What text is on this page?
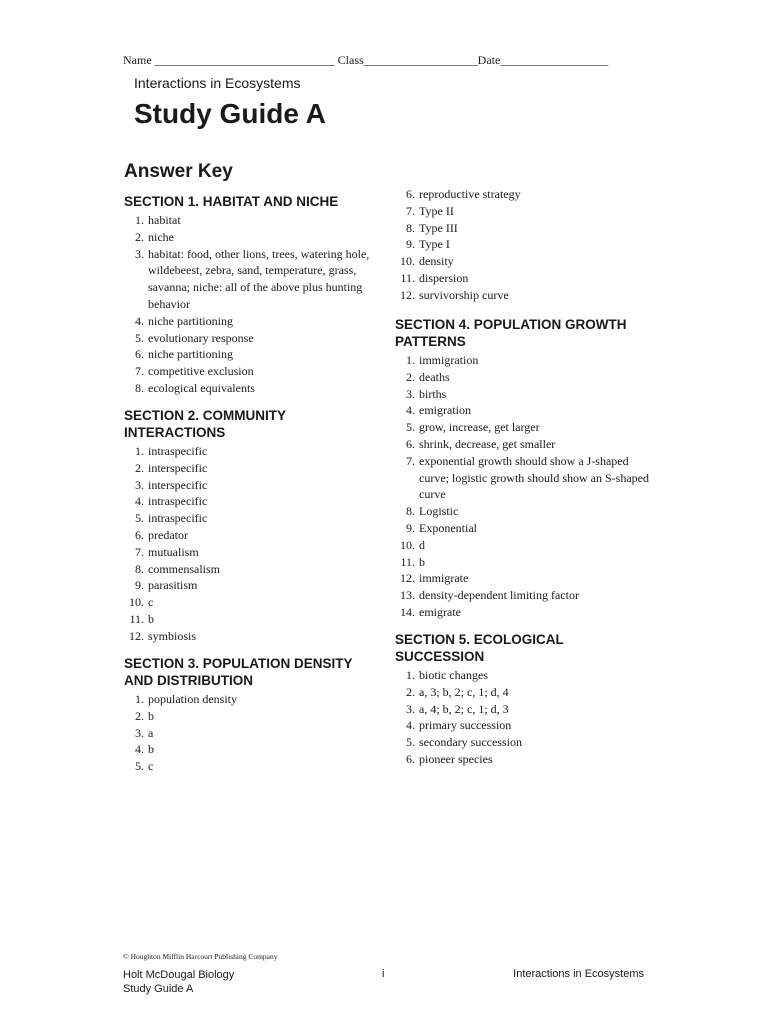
Name ______________________________ Class___________________Date__________________
Interactions in Ecosystems
Study Guide A
Answer Key
SECTION 1. HABITAT AND NICHE
1. habitat
2. niche
3. habitat: food, other lions, trees, watering hole, wildebeest, zebra, sand, temperature, grass, savanna; niche: all of the above plus hunting behavior
4. niche partitioning
5. evolutionary response
6. niche partitioning
7. competitive exclusion
8. ecological equivalents
SECTION 2. COMMUNITY
INTERACTIONS
1. intraspecific
2. interspecific
3. interspecific
4. intraspecific
5. intraspecific
6. predator
7. mutualism
8. commensalism
9. parasitism
10. c
11. b
12. symbiosis
SECTION 3. POPULATION DENSITY
AND DISTRIBUTION
1. population density
2. b
3. a
4. b
5. c
6. reproductive strategy
7. Type II
8. Type III
9. Type I
10. density
11. dispersion
12. survivorship curve
SECTION 4. POPULATION GROWTH
PATTERNS
1. immigration
2. deaths
3. births
4. emigration
5. grow, increase, get larger
6. shrink, decrease, get smaller
7. exponential growth should show a J-shaped curve; logistic growth should show an S-shaped curve
8. Logistic
9. Exponential
10. d
11. b
12. immigrate
13. density-dependent limiting factor
14. emigrate
SECTION 5. ECOLOGICAL
SUCCESSION
1. biotic changes
2. a, 3; b, 2; c, 1; d, 4
3. a, 4; b, 2; c, 1; d, 3
4. primary succession
5. secondary succession
6. pioneer species
© Houghton Mifflin Harcourt Publishing Company
Holt McDougal Biology
Study Guide A
i	Interactions in Ecosystems
